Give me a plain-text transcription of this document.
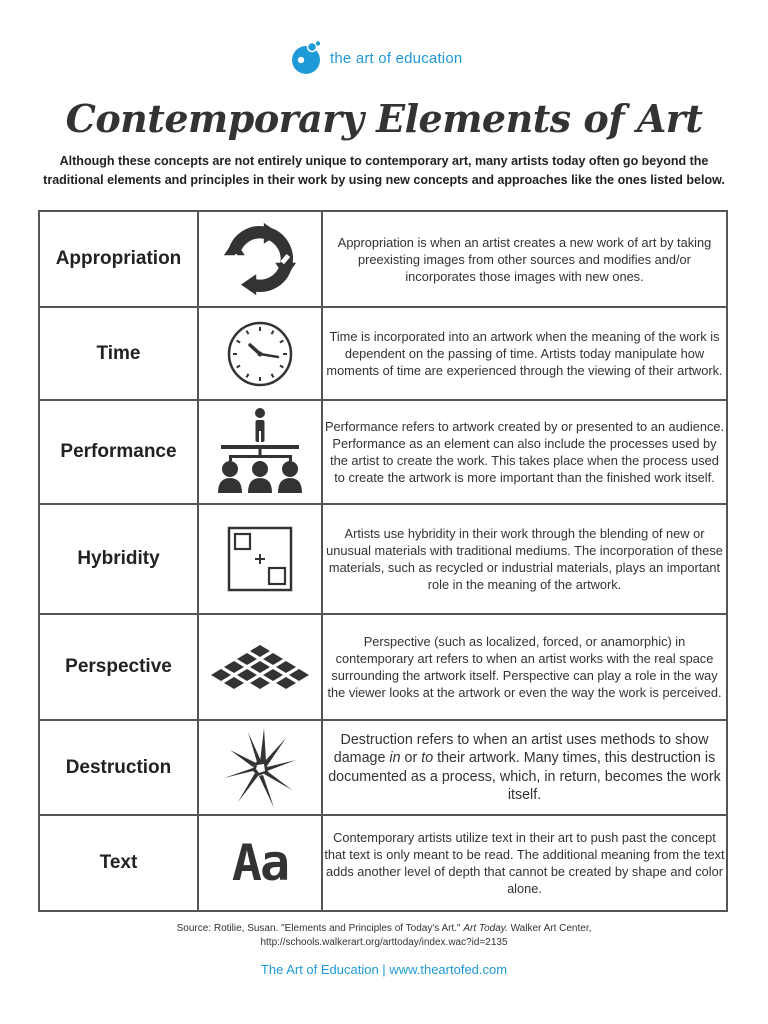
the art of education
Contemporary Elements of Art
Although these concepts are not entirely unique to contemporary art, many artists today often go beyond the traditional elements and principles in their work by using new concepts and approaches like the ones listed below.
Appropriation		Appropriation is when an artist creates a new work of art by taking preexisting images from other sources and modifies and/or incorporates those images with new ones.
Time		Time is incorporated into an artwork when the meaning of the work is dependent on the passing of time. Artists today manipulate how moments of time are experienced through the viewing of their artwork.
Performance		Performance refers to artwork created by or presented to an audience. Performance as an element can also include the processes used by the artist to create the work. This takes place when the process used to create the artwork is more important than the finished work itself.
Hybridity		Artists use hybridity in their work through the blending of new or unusual materials with traditional mediums. The incorporation of these materials, such as recycled or industrial materials, plays an important role in the meaning of the artwork.
Perspective		Perspective (such as localized, forced, or anamorphic) in contemporary art refers to when an artist works with the real space surrounding the artwork itself. Perspective can play a role in the way the viewer looks at the artwork or even the way the work is perceived.
Destruction		Destruction refers to when an artist uses methods to show damage in or to their artwork. Many times, this destruction is documented as a process, which, in return, becomes the work itself.
Text	Aa	Contemporary artists utilize text in their art to push past the concept that text is only meant to be read. The additional meaning from the text adds another level of depth that cannot be created by shape and color alone.
Source: Rotilie, Susan. "Elements and Principles of Today's Art." Art Today. Walker Art Center,
http://schools.walkerart.org/arttoday/index.wac?id=2135
The Art of Education | www.theartofed.com
